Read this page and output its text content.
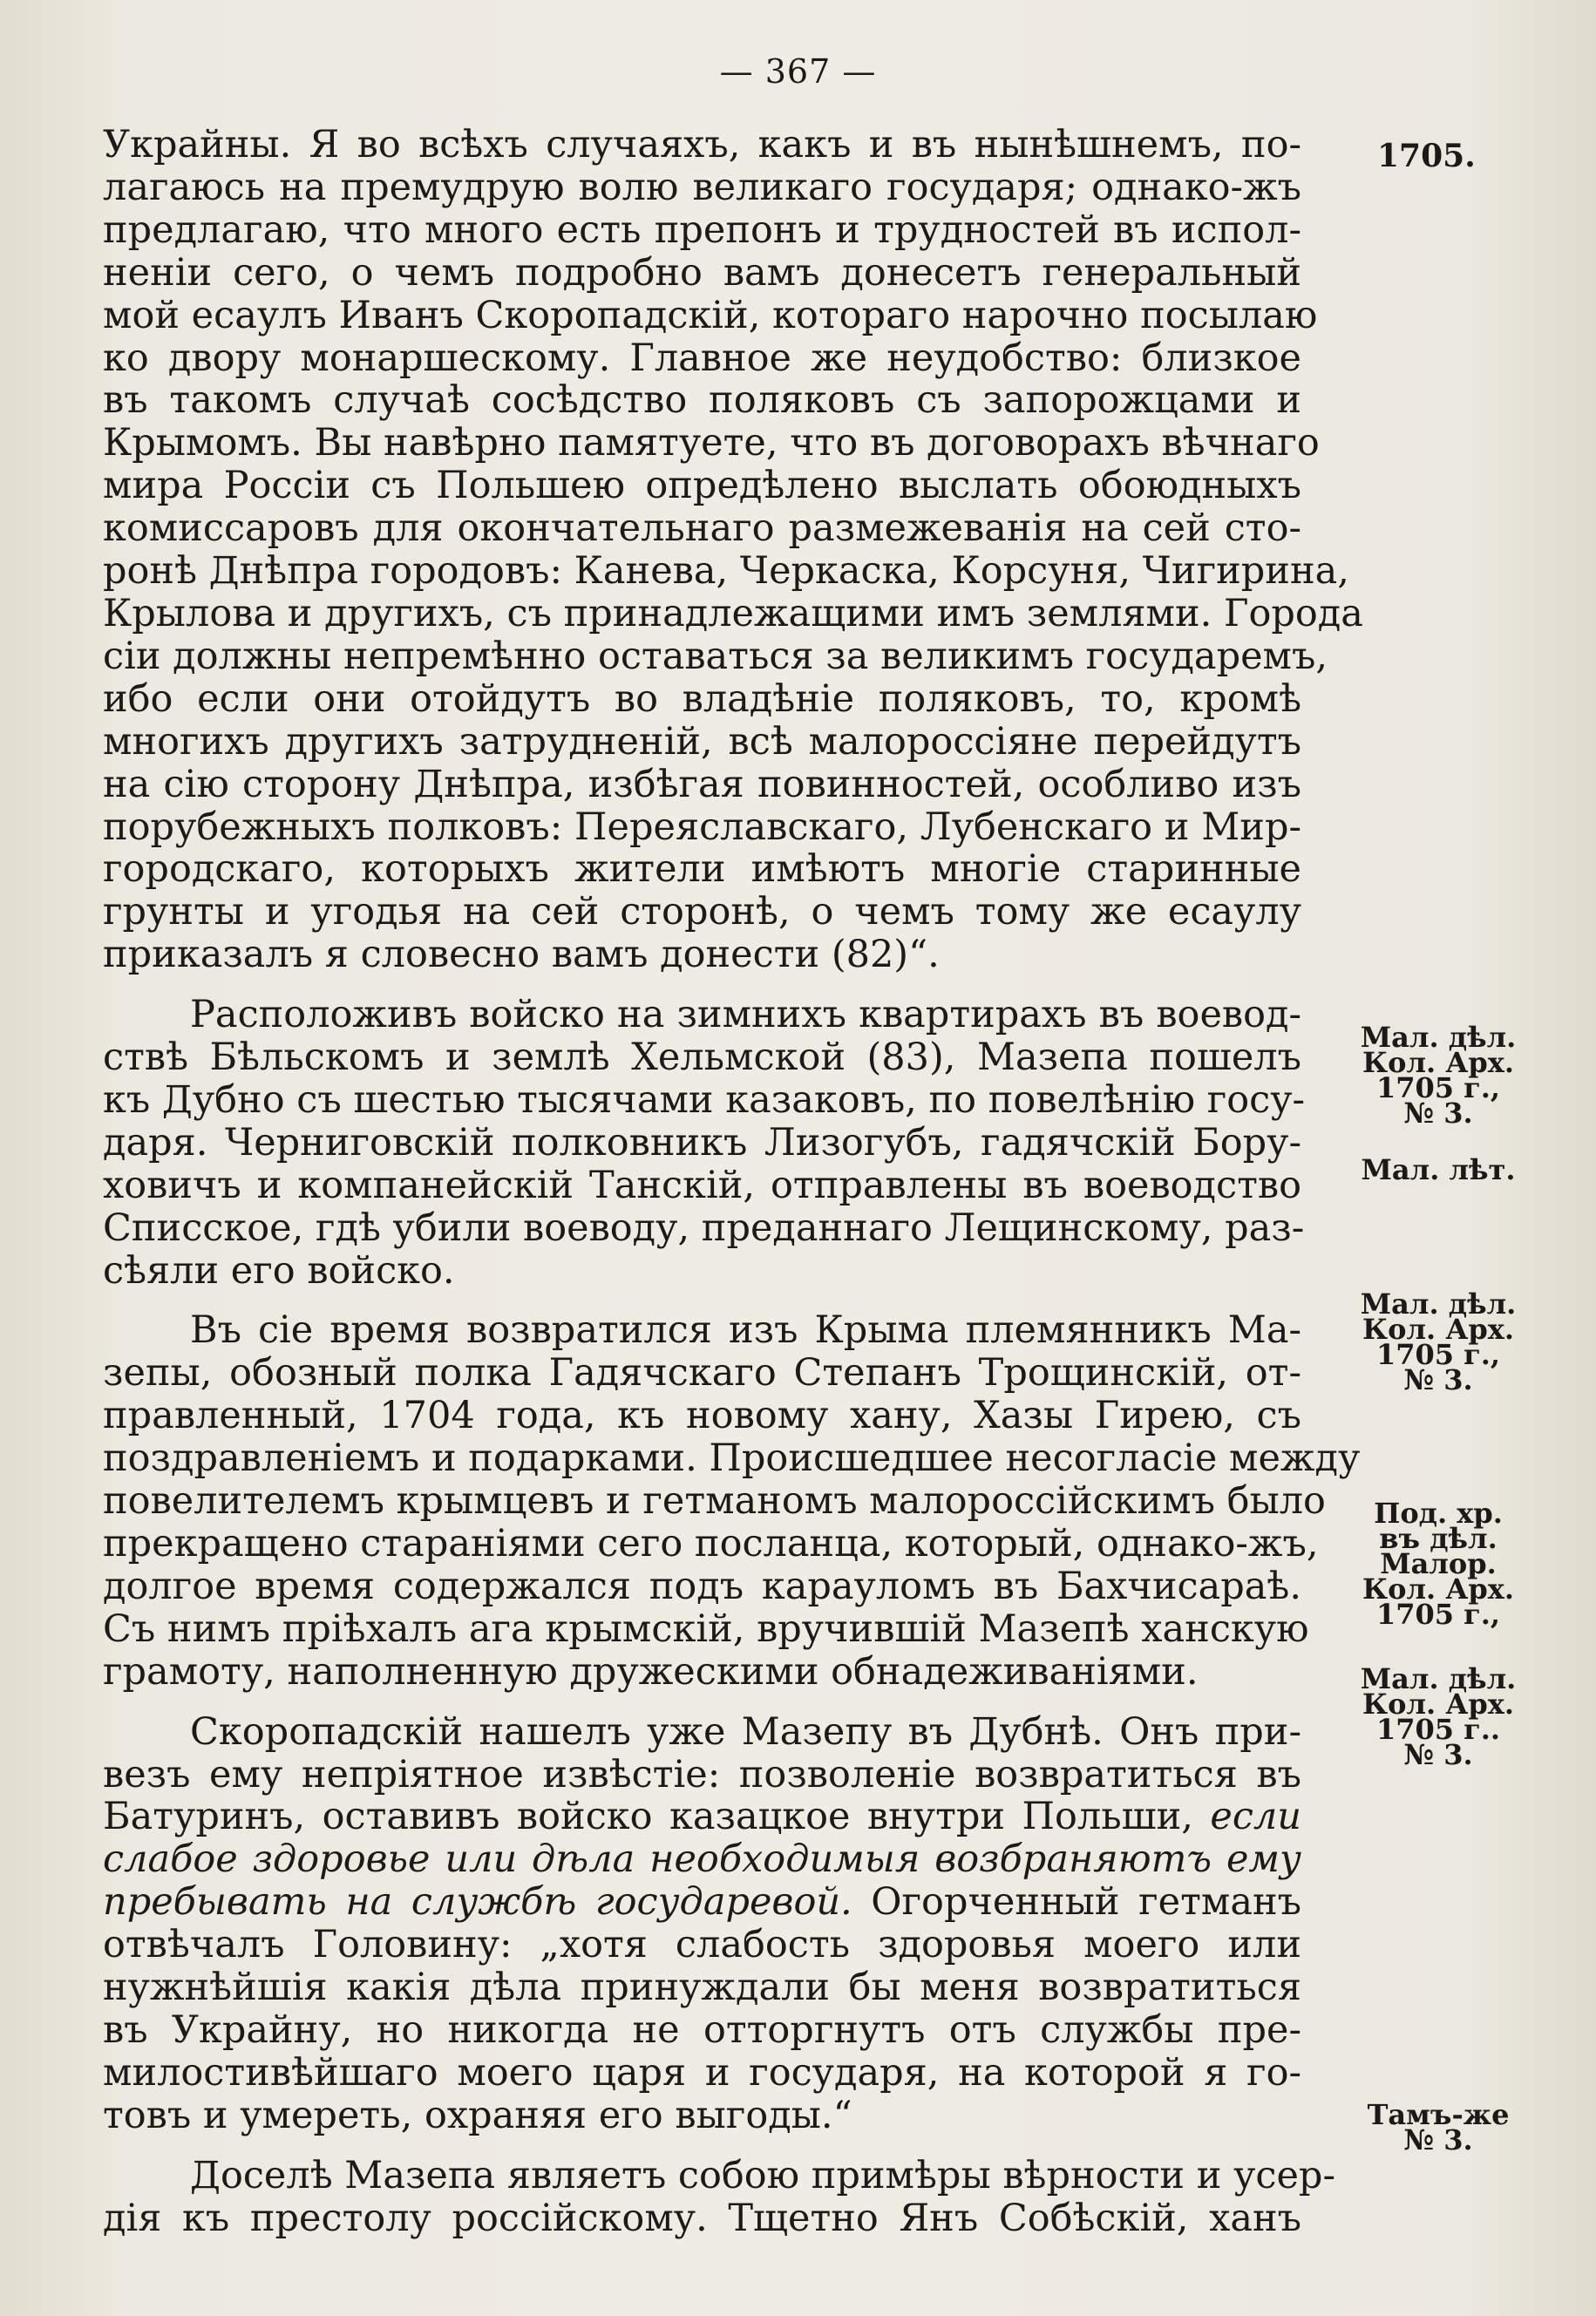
— 367 —
1705.

Украйны. Я во всѣхъ случаяхъ, какъ и въ нынѣшнемъ, по-
лагаюсь на премудрую волю великаго государя; однако-жъ
предлагаю, что много есть препонъ и трудностей въ испол-
неніи сего, о чемъ подробно вамъ донесетъ генеральный
мой есаулъ Иванъ Скоропадскій, котораго нарочно посылаю
ко двору монаршескому. Главное же неудобство: близкое
въ такомъ случаѣ сосѣдство поляковъ съ запорожцами и
Крымомъ. Вы навѣрно памятуете, что въ договорахъ вѣчнаго
мира Россіи съ Польшею опредѣлено выслать обоюдныхъ
комиссаровъ для окончательнаго размежеванія на сей сто-
ронѣ Днѣпра городовъ: Канева, Черкаска, Корсуня, Чигирина,
Крылова и другихъ, съ принадлежащими имъ землями. Города
сіи должны непремѣнно оставаться за великимъ государемъ,
ибо если они отойдутъ во владѣніе поляковъ, то, кромѣ
многихъ другихъ затрудненій, всѣ малороссіяне перейдутъ
на сію сторону Днѣпра, избѣгая повинностей, особливо изъ
порубежныхъ полковъ: Переяславскаго, Лубенскаго и Мир-
городскаго, которыхъ жители имѣютъ многіе старинные
грунты и угодья на сей сторонѣ, о чемъ тому же есаулу
приказалъ я словесно вамъ донести (82)“.

Расположивъ войско на зимнихъ квартирахъ въ воевод-
ствѣ Бѣльскомъ и землѣ Хельмской (83), Мазепа пошелъ
къ Дубно съ шестью тысячами казаковъ, по повелѣнію госу-
даря. Черниговскій полковникъ Лизогубъ, гадячскій Бору-
ховичъ и компанейскій Танскій, отправлены въ воеводство
Списское, гдѣ убили воеводу, преданнаго Лещинскому, раз-
сѣяли его войско.

Въ сіе время возвратился изъ Крыма племянникъ Ма-
зепы, обозный полка Гадячскаго Степанъ Трощинскій, от-
правленный, 1704 года, къ новому хану, Хазы Гирею, съ
поздравленіемъ и подарками. Происшедшее несогласіе между
повелителемъ крымцевъ и гетманомъ малороссійскимъ было
прекращено стараніями сего посланца, который, однако-жъ,
долгое время содержался подъ карауломъ въ Бахчисараѣ.
Съ нимъ пріѣхалъ ага крымскій, вручившій Мазепѣ ханскую
грамоту, наполненную дружескими обнадеживаніями.

Скоропадскій нашелъ уже Мазепу въ Дубнѣ. Онъ при-
везъ ему непріятное извѣстіе: позволеніе возвратиться въ
Батуринъ, оставивъ войско казацкое внутри Польши, если
слабое здоровье или дѣла необходимыя возбраняютъ ему
пребывать на службѣ государевой. Огорченный гетманъ
отвѣчалъ Головину: „хотя слабость здоровья моего или
нужнѣйшія какія дѣла принуждали бы меня возвратиться
въ Украйну, но никогда не отторгнутъ отъ службы пре-
милостивѣйшаго моего царя и государя, на которой я го-
товъ и умереть, охраняя его выгоды.“

Доселѣ Мазепа являетъ собою примѣры вѣрности и усер-
дія къ престолу россійскому. Тщетно Янъ Собѣскій, ханъ

Мал. дѣл.
Кол. Арх.
1705 г.,
№ 3.
Мал. лѣт.
Мал. дѣл.
Кол. Арх.
1705 г.,
№ 3.
Под. хр.
въ дѣл.
Малор.
Кол. Арх.
1705 г.,
Мал. дѣл.
Кол. Арх.
1705 г..
№ 3.
Тамъ-же
№ 3.
